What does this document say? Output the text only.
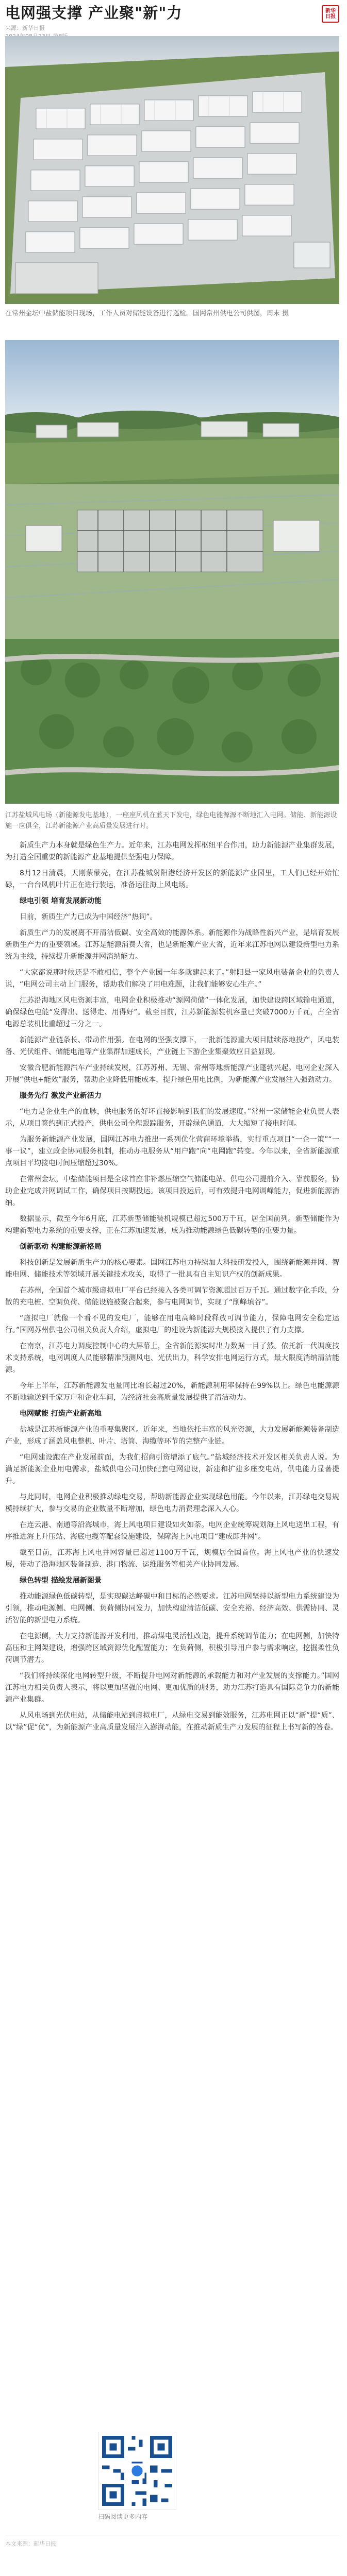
电网强支撑 产业聚"新"力
来源：新华日报
新华日报
在常州金坛中盐储能项目现场，工作人员对储能设备进行巡检。国网常州供电公司供图，周末 摄
江苏盐城风电场（新能源发电基地），一座座风机在蓝天下发电，绿色电能源源不断地汇入电网。储能、新能源设施一应俱全，江苏新能源产业高质量发展进行时。

新质生产力本身就是绿色生产力。近年来，江苏电网发挥枢纽平台作用，助力新能源产业集群发展，为打造全国重要的新能源产业基地提供坚强电力保障。

8月12日清晨，天刚蒙蒙亮，在江苏盐城射阳港经济开发区的新能源产业园里，工人们已经开始忙碌，一台台风机叶片正在进行装运，准备运往海上风电场。

绿电引领 培育发展新动能

目前，新质生产力已成为中国经济“热词”。

新质生产力的发展离不开清洁低碳、安全高效的能源体系。新能源作为战略性新兴产业，是培育发展新质生产力的重要领域。江苏是能源消费大省，也是新能源产业大省，近年来江苏电网以建设新型电力系统为主线，持续提升新能源并网消纳能力。

“大家都说那时候还是不敢相信，整个产业园一年多就建起来了。”射阳县一家风电装备企业的负责人说，“电网公司主动上门服务，帮助我们解决了用电难题，让我们能够安心生产。”

江苏沿海地区风电资源丰富，电网企业积极推动“源网荷储”一体化发展，加快建设跨区域输电通道，确保绿色电能“发得出、送得走、用得好”。截至目前，江苏新能源装机容量已突破7000万千瓦，占全省电源总装机比重超过三分之一。

新能源产业链条长、带动作用强。在电网的坚强支撑下，一批新能源重大项目陆续落地投产，风电装备、光伏组件、储能电池等产业集群加速成长，产业链上下游企业集聚效应日益显现。

安徽合肥新能源汽车产业持续发展，江苏苏州、无锡、常州等地新能源产业蓬勃兴起。电网企业深入开展“供电+能效”服务，帮助企业降低用能成本，提升绿色用电比例，为新能源产业发展注入强劲动力。

服务先行 激发产业新活力

“电力是企业生产的血脉，供电服务的好坏直接影响到我们的发展速度。”常州一家储能企业负责人表示，从项目签约到正式投产，供电公司全程跟踪服务，开辟绿色通道，大大缩短了接电时间。

为服务新能源产业发展，国网江苏电力推出一系列优化营商环境举措，实行重点项目“一企一策”“一事一议”，建立政企协同服务机制，推动办电服务从“用户跑”向“电网跑”转变。今年以来，全省新能源重点项目平均接电时间压缩超过30%。

在常州金坛，中盐储能项目是全球首座非补燃压缩空气储能电站。供电公司提前介入、靠前服务，协助企业完成并网调试工作，确保项目按期投运。该项目投运后，可有效提升电网调峰能力，促进新能源消纳。

数据显示，截至今年6月底，江苏新型储能装机规模已超过500万千瓦，居全国前列。新型储能作为构建新型电力系统的重要支撑，正在江苏加速发展，成为推动能源绿色低碳转型的重要力量。

创新驱动 构建能源新格局

科技创新是发展新质生产力的核心要素。国网江苏电力持续加大科技研发投入，围绕新能源并网、智能电网、储能技术等领域开展关键技术攻关，取得了一批具有自主知识产权的创新成果。

在苏州，全国首个城市级虚拟电厂平台已经接入各类可调节资源超过百万千瓦。通过数字化手段，分散的充电桩、空调负荷、储能设施被聚合起来，参与电网调节，实现了“削峰填谷”。

“虚拟电厂就像一个看不见的发电厂，能够在用电高峰时段释放可调节能力，保障电网安全稳定运行。”国网苏州供电公司相关负责人介绍，虚拟电厂的建设为新能源大规模接入提供了有力支撑。

在南京，江苏电力调度控制中心的大屏幕上，全省新能源实时出力数据一目了然。依托新一代调度技术支持系统，电网调度人员能够精准预测风电、光伏出力，科学安排电网运行方式，最大限度消纳清洁能源。

今年上半年，江苏新能源发电量同比增长超过20%，新能源利用率保持在99%以上。绿色电能源源不断地输送到千家万户和企业车间，为经济社会高质量发展提供了清洁动力。

电网赋能 打造产业新高地

盐城是江苏新能源产业的重要集聚区。近年来，当地依托丰富的风光资源，大力发展新能源装备制造产业，形成了涵盖风电整机、叶片、塔筒、海缆等环节的完整产业链。

“电网建设跑在产业发展前面，为我们招商引资增添了底气。”盐城经济技术开发区相关负责人说。为满足新能源企业用电需求，盐城供电公司加快配套电网建设，新建和扩建多座变电站，供电能力显著提升。

与此同时，电网企业积极推动绿电交易，帮助新能源企业实现绿色用能。今年以来，江苏绿电交易规模持续扩大，参与交易的企业数量不断增加，绿色电力消费理念深入人心。

在连云港、南通等沿海城市，海上风电项目建设如火如荼。电网企业统筹规划海上风电送出工程，有序推进海上升压站、海底电缆等配套设施建设，保障海上风电项目“建成即并网”。

截至目前，江苏海上风电并网容量已超过1100万千瓦，规模居全国首位。海上风电产业的快速发展，带动了沿海地区装备制造、港口物流、运维服务等相关产业协同发展。

绿色转型 描绘发展新图景

推动能源绿色低碳转型，是实现碳达峰碳中和目标的必然要求。江苏电网坚持以新型电力系统建设为引领，推动电源侧、电网侧、负荷侧协同发力，加快构建清洁低碳、安全充裕、经济高效、供需协同、灵活智能的新型电力系统。

在电源侧，大力支持新能源开发利用，推动煤电灵活性改造，提升系统调节能力；在电网侧，加快特高压和主网架建设，增强跨区域资源优化配置能力；在负荷侧，积极引导用户参与需求响应，挖掘柔性负荷调节潜力。

“我们将持续深化电网转型升级，不断提升电网对新能源的承载能力和对产业发展的支撑能力。”国网江苏电力相关负责人表示，将以更加坚强的电网、更加优质的服务，助力江苏打造具有国际竞争力的新能源产业集群。

从风电场到光伏电站，从储能电站到虚拟电厂，从绿电交易到能效服务，江苏电网正以“新”提“质”、以“绿”促“优”，为新能源产业高质量发展注入澎湃动能，在推动新质生产力发展的征程上书写新的答卷。

扫码阅读更多内容
本文来源：新华日报
